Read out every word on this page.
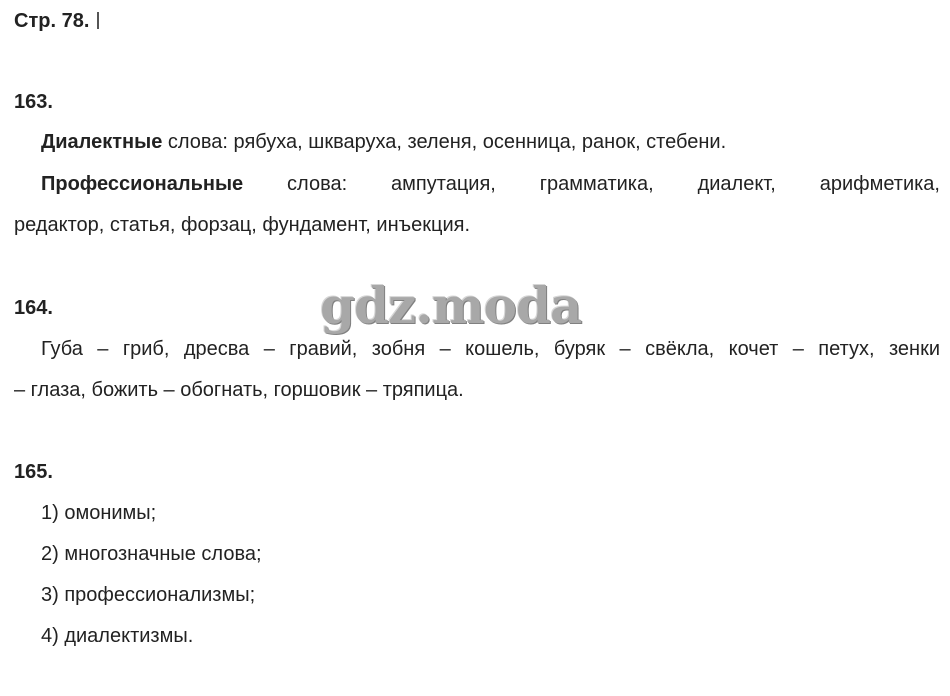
Стр. 78.
163.
Диалектные слова: рябуха, шкваруха, зеленя, осенница, ранок, стебени.
Профессиональные слова: ампутация, грамматика, диалект, арифметика,
редактор, статья, форзац, фундамент, инъекция.
gdz.moda
164.
Губа – гриб, дресва – гравий, зобня – кошель, буряк – свёкла, кочет – петух, зенки
– глаза, божить – обогнать, горшовик – тряпица.
165.
1) омонимы;
2) многозначные слова;
3) профессионализмы;
4) диалектизмы.
